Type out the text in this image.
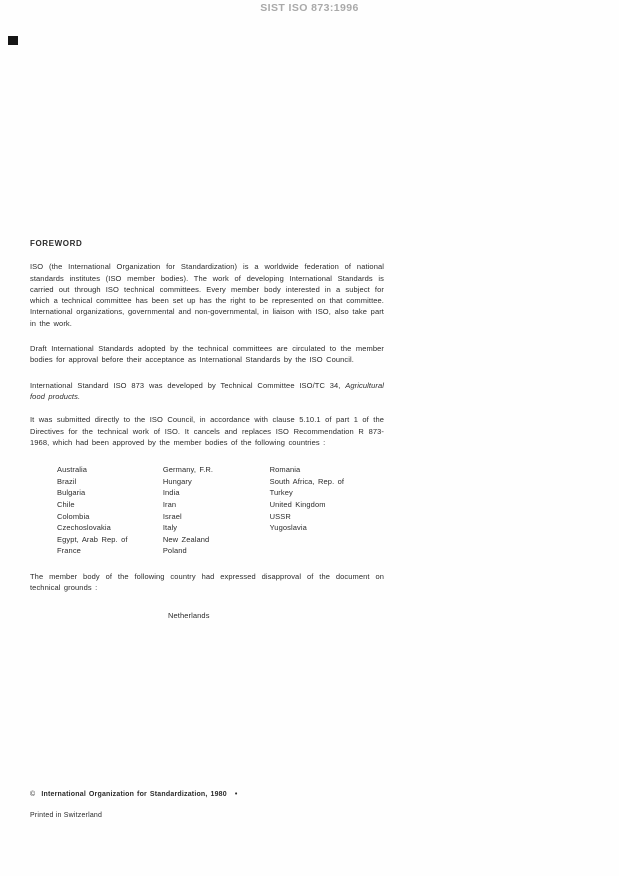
SIST ISO 873:1996
FOREWORD

ISO (the International Organization for Standardization) is a worldwide federation of national standards institutes (ISO member bodies). The work of developing International Standards is carried out through ISO technical committees. Every member body interested in a subject for which a technical committee has been set up has the right to be represented on that committee. International organizations, governmental and non-governmental, in liaison with ISO, also take part in the work.

Draft International Standards adopted by the technical committees are circulated to the member bodies for approval before their acceptance as International Standards by the ISO Council.

International Standard ISO 873 was developed by Technical Committee ISO/TC 34, Agricultural food products.

It was submitted directly to the ISO Council, in accordance with clause 5.10.1 of part 1 of the Directives for the technical work of ISO. It cancels and replaces ISO Recommendation R 873-1968, which had been approved by the member bodies of the following countries :

Australia
Brazil
Bulgaria
Chile
Colombia
Czechoslovakia
Egypt, Arab Rep. of
France
Germany, F.R.
Hungary
India
Iran
Israel
Italy
New Zealand
Poland
Romania
South Africa, Rep. of
Turkey
United Kingdom
USSR
Yugoslavia

The member body of the following country had expressed disapproval of the document on technical grounds :

Netherlands

© International Organization for Standardization, 1980 •
Printed in Switzerland
